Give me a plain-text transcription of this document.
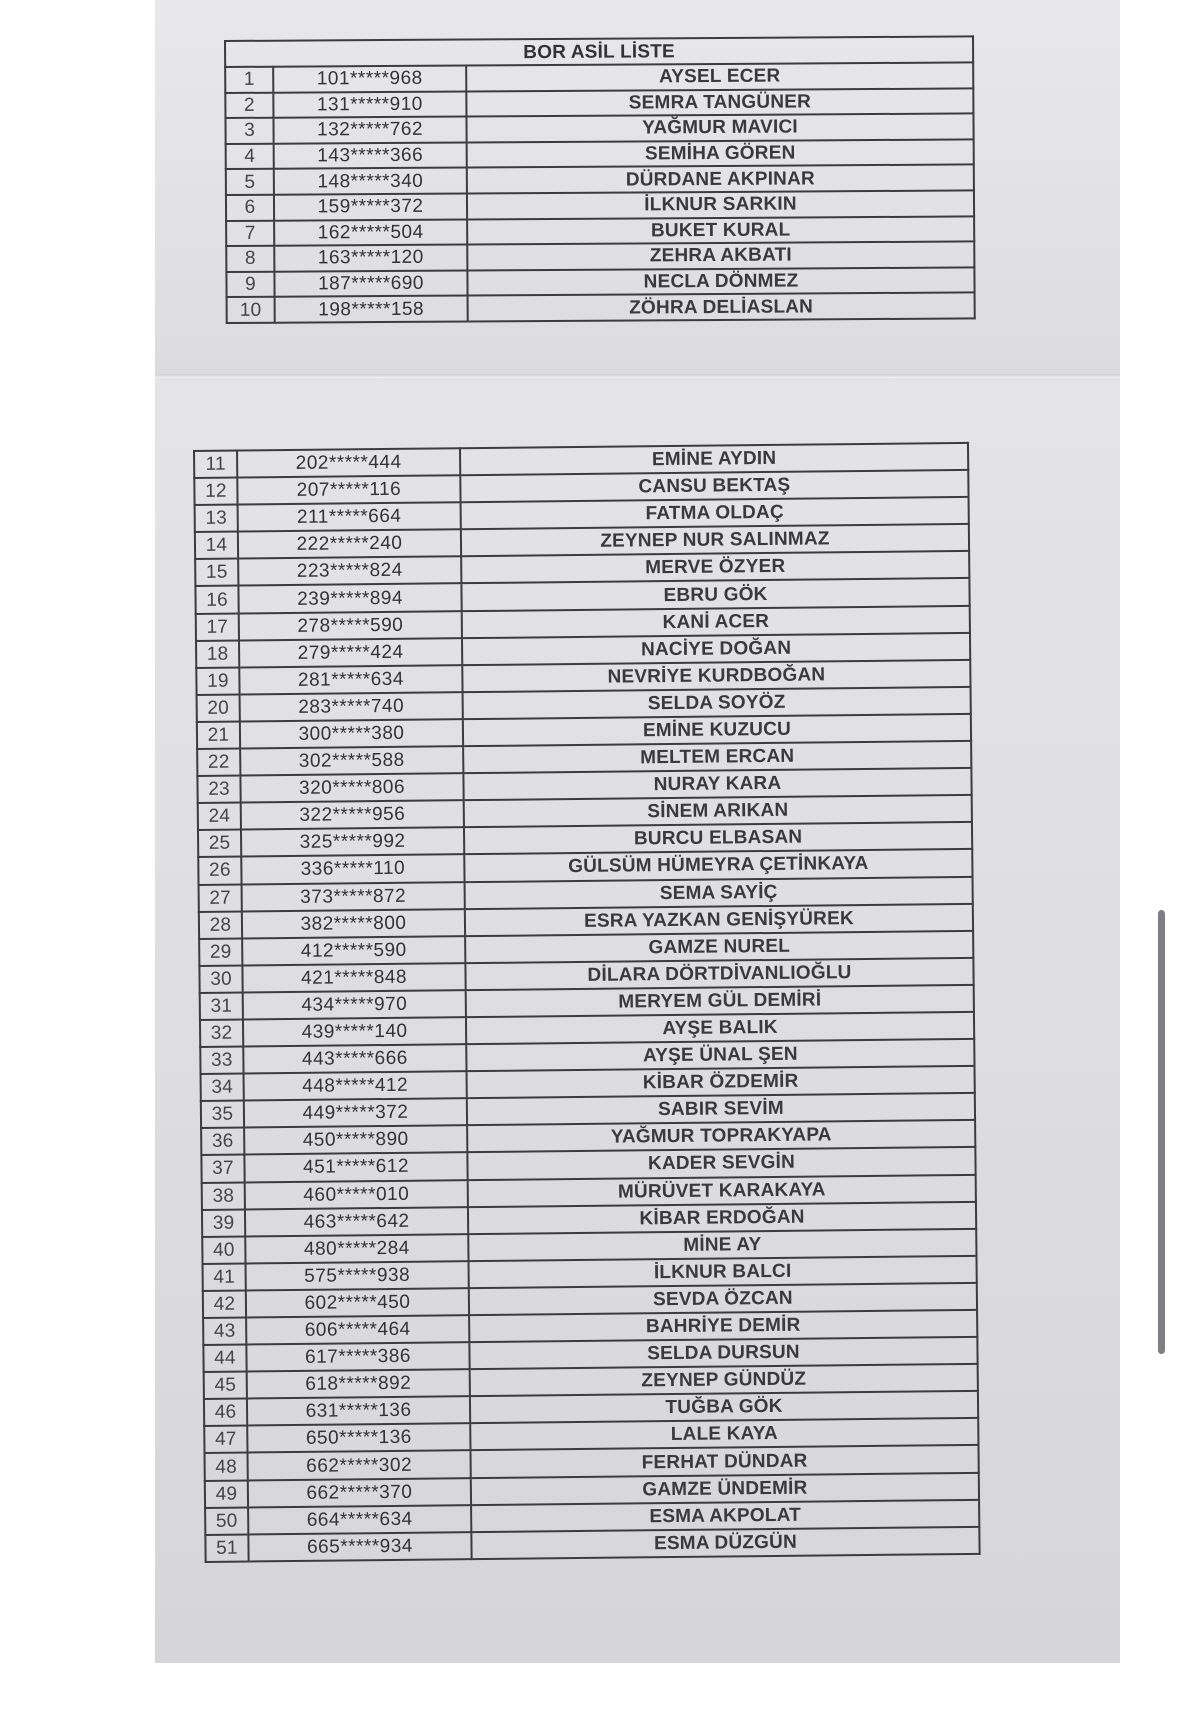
BOR ASİL LİSTE		
1	101*****968	AYSEL ECER
2	131*****910	SEMRA TANGÜNER
3	132*****762	YAĞMUR MAVICI
4	143*****366	SEMİHA GÖREN
5	148*****340	DÜRDANE AKPINAR
6	159*****372	İLKNUR SARKIN
7	162*****504	BUKET KURAL
8	163*****120	ZEHRA AKBATI
9	187*****690	NECLA DÖNMEZ
10	198*****158	ZÖHRA DELİASLAN
11	202*****444	EMİNE AYDIN
12	207*****116	CANSU BEKTAŞ
13	211*****664	FATMA OLDAÇ
14	222*****240	ZEYNEP NUR SALINMAZ
15	223*****824	MERVE ÖZYER
16	239*****894	EBRU GÖK
17	278*****590	KANİ ACER
18	279*****424	NACİYE DOĞAN
19	281*****634	NEVRİYE KURDBOĞAN
20	283*****740	SELDA SOYÖZ
21	300*****380	EMİNE KUZUCU
22	302*****588	MELTEM ERCAN
23	320*****806	NURAY KARA
24	322*****956	SİNEM ARIKAN
25	325*****992	BURCU ELBASAN
26	336*****110	GÜLSÜM HÜMEYRA ÇETİNKAYA
27	373*****872	SEMA SAYİÇ
28	382*****800	ESRA YAZKAN GENİŞYÜREK
29	412*****590	GAMZE NUREL
30	421*****848	DİLARA DÖRTDİVANLIOĞLU
31	434*****970	MERYEM GÜL DEMİRİ
32	439*****140	AYŞE BALIK
33	443*****666	AYŞE ÜNAL ŞEN
34	448*****412	KİBAR ÖZDEMİR
35	449*****372	SABIR SEVİM
36	450*****890	YAĞMUR TOPRAKYAPA
37	451*****612	KADER SEVGİN
38	460*****010	MÜRÜVET KARAKAYA
39	463*****642	KİBAR ERDOĞAN
40	480*****284	MİNE AY
41	575*****938	İLKNUR BALCI
42	602*****450	SEVDA ÖZCAN
43	606*****464	BAHRİYE DEMİR
44	617*****386	SELDA DURSUN
45	618*****892	ZEYNEP GÜNDÜZ
46	631*****136	TUĞBA GÖK
47	650*****136	LALE KAYA
48	662*****302	FERHAT DÜNDAR
49	662*****370	GAMZE ÜNDEMİR
50	664*****634	ESMA AKPOLAT
51	665*****934	ESMA DÜZGÜN
